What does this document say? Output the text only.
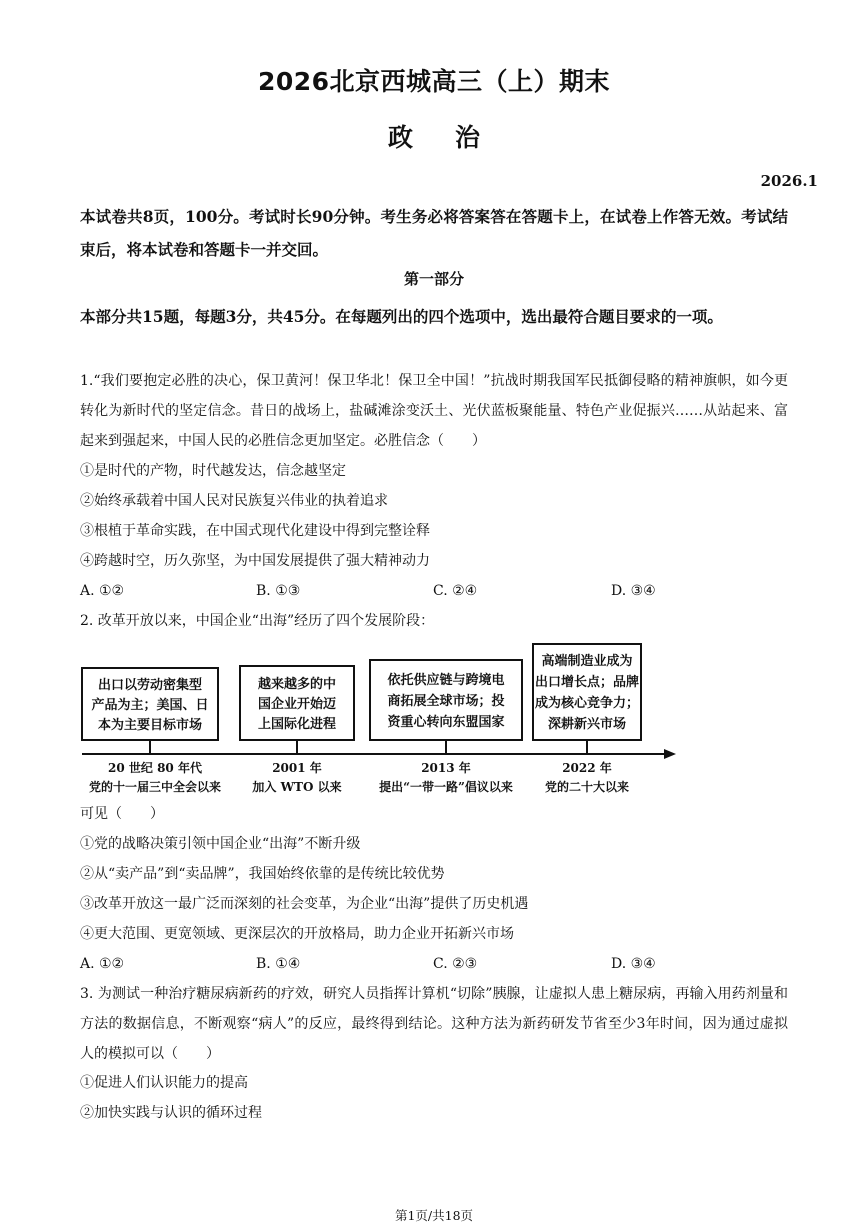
2026北京西城高三（上）期末
政治
2026.1
本试卷共8页，100分。考试时长90分钟。考生务必将答案答在答题卡上，在试卷上作答无效。考试结束后，将本试卷和答题卡一并交回。
第一部分
本部分共15题，每题3分，共45分。在每题列出的四个选项中，选出最符合题目要求的一项。
1.“我们要抱定必胜的决心，保卫黄河！保卫华北！保卫全中国！”抗战时期我国军民抵御侵略的精神旗帜，如今更转化为新时代的坚定信念。昔日的战场上，盐碱滩涂变沃土、光伏蓝板聚能量、特色产业促振兴……从站起来、富起来到强起来，中国人民的必胜信念更加坚定。必胜信念（　　）
①是时代的产物，时代越发达，信念越坚定
②始终承载着中国人民对民族复兴伟业的执着追求
③根植于革命实践，在中国式现代化建设中得到完整诠释
④跨越时空，历久弥坚，为中国发展提供了强大精神动力
A. ①②	B. ①③	C. ②④	D. ③④
2. 改革开放以来，中国企业“出海”经历了四个发展阶段：
出口以劳动密集型
产品为主；美国、日
本为主要目标市场
越来越多的中
国企业开始迈
上国际化进程
依托供应链与跨境电
商拓展全球市场；投
资重心转向东盟国家
高端制造业成为
出口增长点；品牌
成为核心竞争力；
深耕新兴市场
20 世纪 80 年代	2001 年	2013 年	2022 年
党的十一届三中全会以来	加入 WTO 以来	提出“一带一路”倡议以来	党的二十大以来
可见（　　）
①党的战略决策引领中国企业“出海”不断升级
②从“卖产品”到“卖品牌”，我国始终依靠的是传统比较优势
③改革开放这一最广泛而深刻的社会变革，为企业“出海”提供了历史机遇
④更大范围、更宽领域、更深层次的开放格局，助力企业开拓新兴市场
A. ①②	B. ①④	C. ②③	D. ③④
3. 为测试一种治疗糖尿病新药的疗效，研究人员指挥计算机“切除”胰腺，让虚拟人患上糖尿病，再输入用药剂量和方法的数据信息，不断观察“病人”的反应，最终得到结论。这种方法为新药研发节省至少3年时间，因为通过虚拟人的模拟可以（　　）
①促进人们认识能力的提高
②加快实践与认识的循环过程
第1页/共18页
